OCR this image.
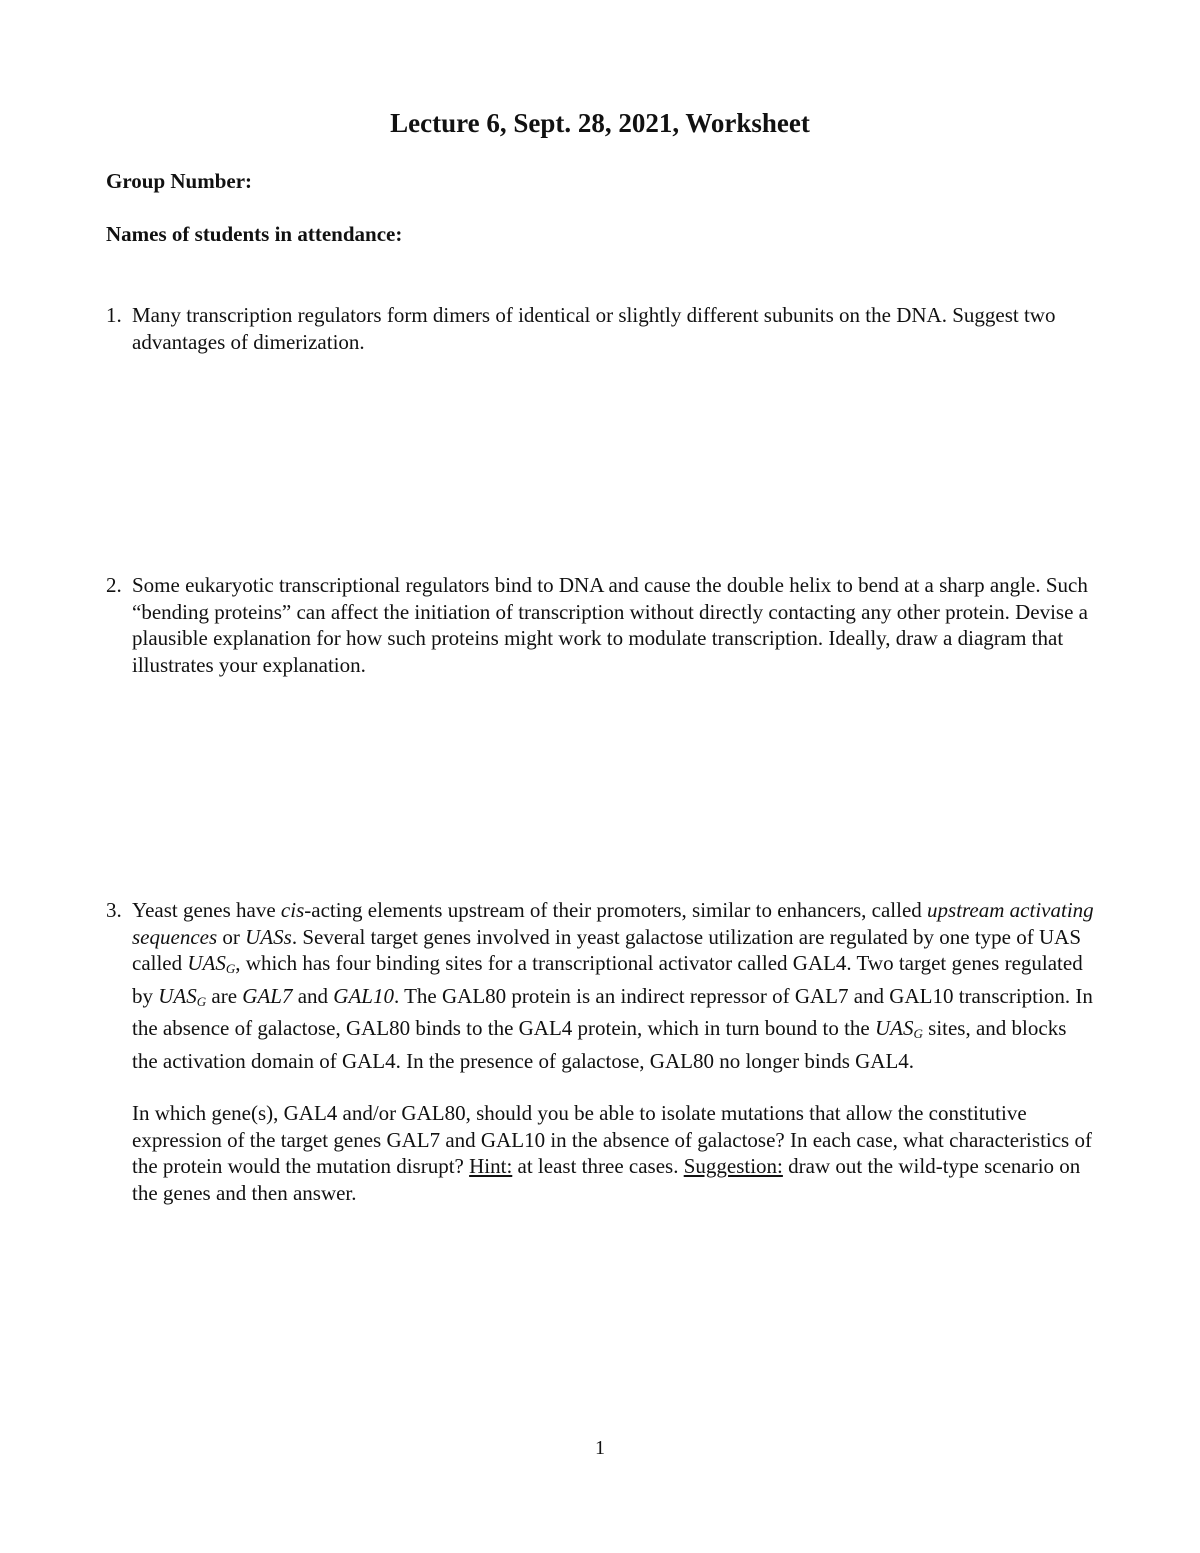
Lecture 6, Sept. 28, 2021, Worksheet

Group Number:

Names of students in attendance:

1. Many transcription regulators form dimers of identical or slightly different subunits on the DNA. Suggest two advantages of dimerization.

2. Some eukaryotic transcriptional regulators bind to DNA and cause the double helix to bend at a sharp angle. Such “bending proteins” can affect the initiation of transcription without directly contacting any other protein. Devise a plausible explanation for how such proteins might work to modulate transcription. Ideally, draw a diagram that illustrates your explanation.

3. Yeast genes have cis-acting elements upstream of their promoters, similar to enhancers, called upstream activating sequences or UASs. Several target genes involved in yeast galactose utilization are regulated by one type of UAS called $UAS_G$, which has four binding sites for a transcriptional activator called GAL4. Two target genes regulated by $UAS_G$ are GAL7 and GAL10. The GAL80 protein is an indirect repressor of GAL7 and GAL10 transcription. In the absence of galactose, GAL80 binds to the GAL4 protein, which in turn bound to the $UAS_G$ sites, and blocks the activation domain of GAL4. In the presence of galactose, GAL80 no longer binds GAL4.

In which gene(s), GAL4 and/or GAL80, should you be able to isolate mutations that allow the constitutive expression of the target genes GAL7 and GAL10 in the absence of galactose? In each case, what characteristics of the protein would the mutation disrupt? Hint: at least three cases. Suggestion: draw out the wild-type scenario on the genes and then answer.

1
